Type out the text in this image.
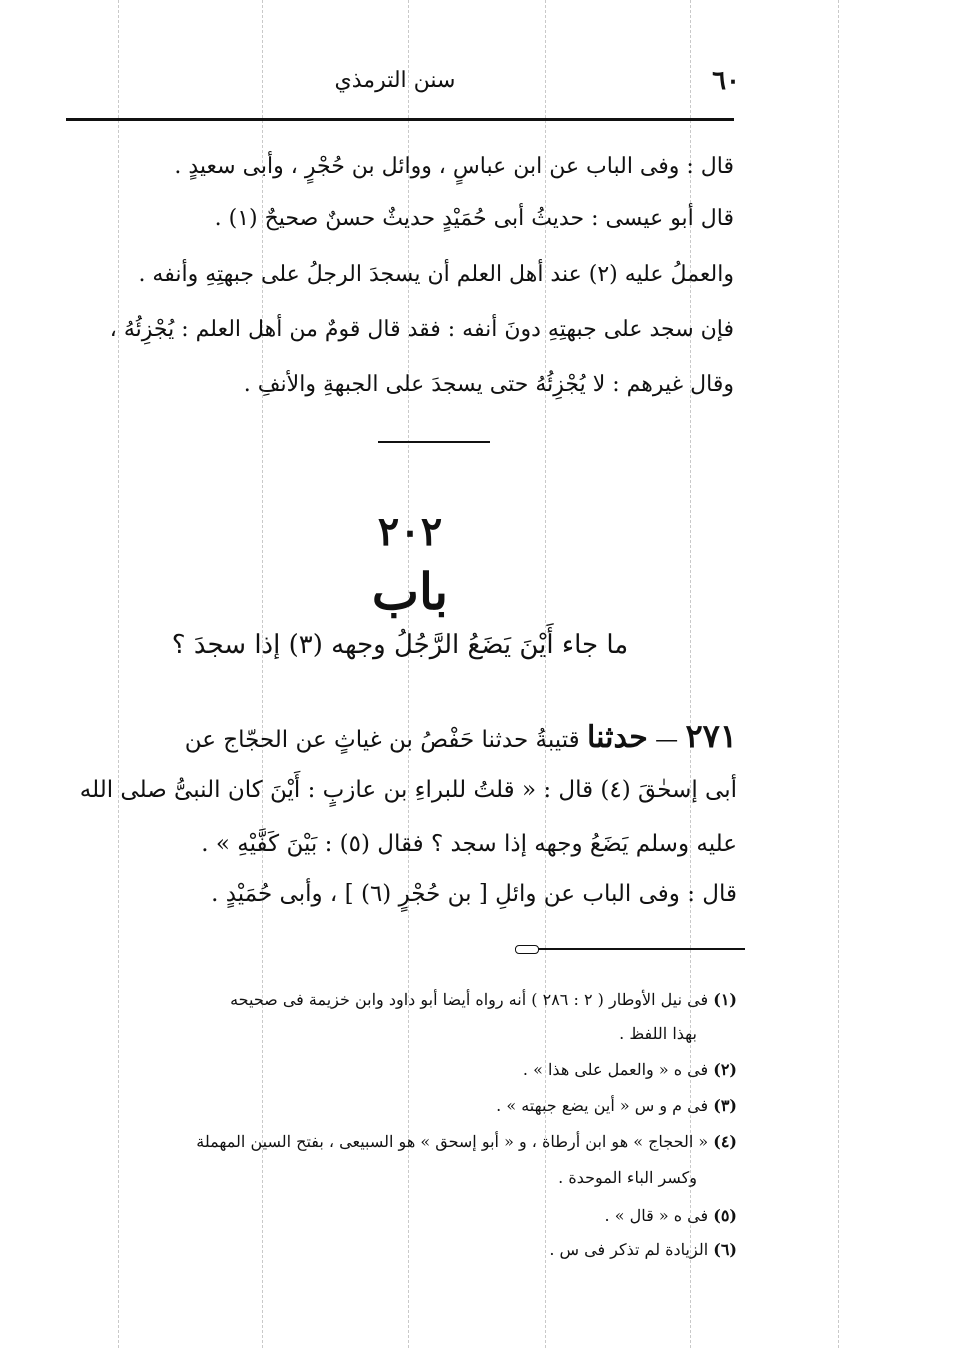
٦٠
سنن الترمذي
قال : وفى الباب عن ابن عباسٍ ، ووائل بن حُجْرٍ ، وأبى سعيدٍ .
قال أبو عيسى : حديثُ أبى حُمَيْدٍ حديثٌ حسنٌ صحيحٌ (١) .
والعملُ عليه (٢) عند أهل العلم أن يسجدَ الرجلُ على جبهتِهِ وأنفه .
فإن سجد على جبهتِهِ دونَ أنفه : فقد قال قومٌ من أهل العلم : يُجْزِئُهُ ،
وقال غيرهم : لا يُجْزِئُهُ حتى يسجدَ على الجبهةِ والأنفِ .
٢٠٢
باب
ما جاء أَيْنَ يَضَعُ الرَّجُلُ وجهه (٣) إذا سجدَ ؟
٢٧١ — حدثنا قتيبةُ حدثنا حَفْصُ بن غياثٍ عن الحجّاج عن
أبى إسحٰقَ (٤) قال : « قلتُ للبراءِ بن عازبٍ : أَيْنَ كان النبىُّ صلى الله
عليه وسلم يَضَعُ وجهه إذا سجد ؟ فقال (٥) : بَيْنَ كَفَّيْهِ » .
قال : وفى الباب عن وائلِ [ بن حُجْرٍ (٦) ] ، وأبى حُمَيْدٍ .
(١) فى نيل الأوطار ( ٢ : ٢٨٦ ) أنه رواه أيضا أبو داود وابن خزيمة فى صحيحه
بهذا اللفظ .
(٢) فى ه « والعمل على هذا » .
(٣) فى م و س « أين يضع جبهته » .
(٤) « الحجاج » هو ابن أرطاة ، و « أبو إسحق » هو السبيعى ، بفتح السين المهملة
وكسر الباء الموحدة .
(٥) فى ه « قال » .
(٦) الزيادة لم تذكر فى س .
